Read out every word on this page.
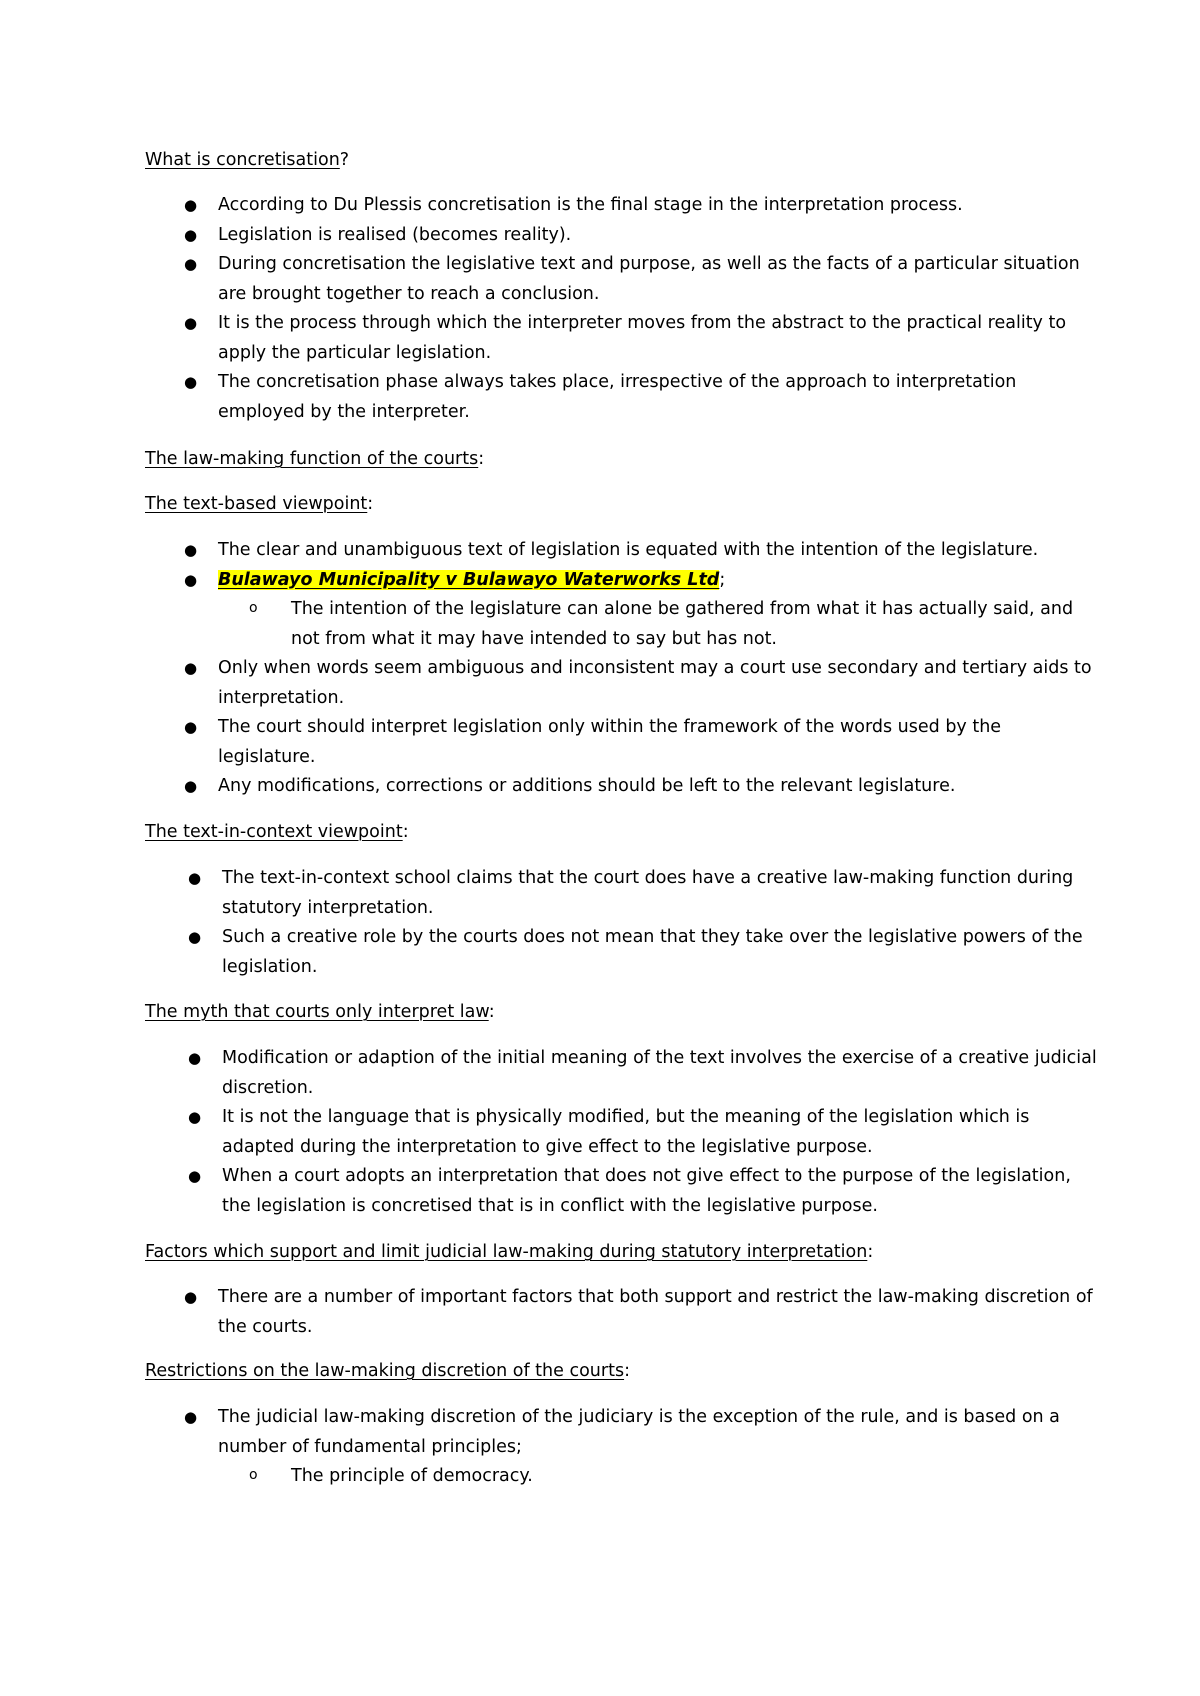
What is concretisation?
● According to Du Plessis concretisation is the final stage in the interpretation process.
● Legislation is realised (becomes reality).
● During concretisation the legislative text and purpose, as well as the facts of a particular situation are brought together to reach a conclusion.
● It is the process through which the interpreter moves from the abstract to the practical reality to apply the particular legislation.
● The concretisation phase always takes place, irrespective of the approach to interpretation employed by the interpreter.
The law-making function of the courts:
The text-based viewpoint:
● The clear and unambiguous text of legislation is equated with the intention of the legislature.
● Bulawayo Municipality v Bulawayo Waterworks Ltd;
o The intention of the legislature can alone be gathered from what it has actually said, and not from what it may have intended to say but has not.
● Only when words seem ambiguous and inconsistent may a court use secondary and tertiary aids to interpretation.
● The court should interpret legislation only within the framework of the words used by the legislature.
● Any modifications, corrections or additions should be left to the relevant legislature.
The text-in-context viewpoint:
● The text-in-context school claims that the court does have a creative law-making function during statutory interpretation.
● Such a creative role by the courts does not mean that they take over the legislative powers of the legislation.
The myth that courts only interpret law:
● Modification or adaption of the initial meaning of the text involves the exercise of a creative judicial discretion.
● It is not the language that is physically modified, but the meaning of the legislation which is adapted during the interpretation to give effect to the legislative purpose.
● When a court adopts an interpretation that does not give effect to the purpose of the legislation, the legislation is concretised that is in conflict with the legislative purpose.
Factors which support and limit judicial law-making during statutory interpretation:
● There are a number of important factors that both support and restrict the law-making discretion of the courts.
Restrictions on the law-making discretion of the courts:
● The judicial law-making discretion of the judiciary is the exception of the rule, and is based on a number of fundamental principles;
o The principle of democracy.
